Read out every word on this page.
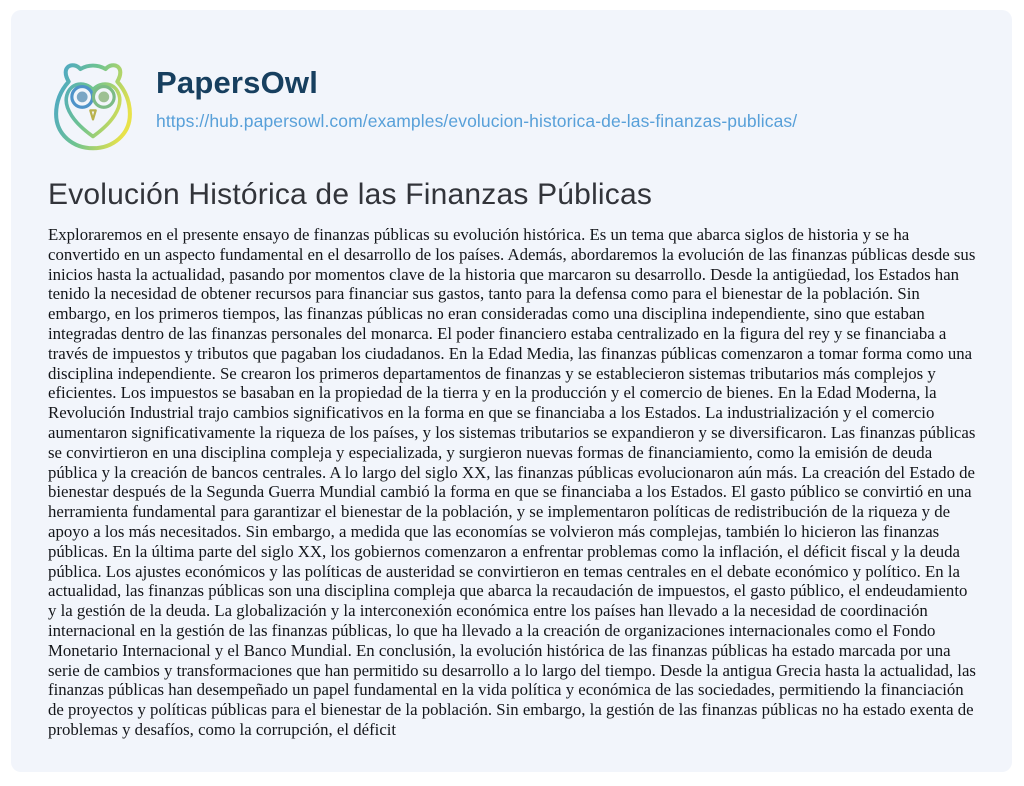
PapersOwl
https://hub.papersowl.com/examples/evolucion-historica-de-las-finanzas-publicas/
Evolución Histórica de las Finanzas Públicas

Exploraremos en el presente ensayo de finanzas públicas su evolución histórica. Es un tema que abarca siglos de historia y se ha convertido en un aspecto fundamental en el desarrollo de los países. Además, abordaremos la evolución de las finanzas públicas desde sus inicios hasta la actualidad, pasando por momentos clave de la historia que marcaron su desarrollo. Desde la antigüedad, los Estados han tenido la necesidad de obtener recursos para financiar sus gastos, tanto para la defensa como para el bienestar de la población. Sin embargo, en los primeros tiempos, las finanzas públicas no eran consideradas como una disciplina independiente, sino que estaban integradas dentro de las finanzas personales del monarca. El poder financiero estaba centralizado en la figura del rey y se financiaba a través de impuestos y tributos que pagaban los ciudadanos. En la Edad Media, las finanzas públicas comenzaron a tomar forma como una disciplina independiente. Se crearon los primeros departamentos de finanzas y se establecieron sistemas tributarios más complejos y eficientes. Los impuestos se basaban en la propiedad de la tierra y en la producción y el comercio de bienes. En la Edad Moderna, la Revolución Industrial trajo cambios significativos en la forma en que se financiaba a los Estados. La industrialización y el comercio aumentaron significativamente la riqueza de los países, y los sistemas tributarios se expandieron y se diversificaron. Las finanzas públicas se convirtieron en una disciplina compleja y especializada, y surgieron nuevas formas de financiamiento, como la emisión de deuda pública y la creación de bancos centrales. A lo largo del siglo XX, las finanzas públicas evolucionaron aún más. La creación del Estado de bienestar después de la Segunda Guerra Mundial cambió la forma en que se financiaba a los Estados. El gasto público se convirtió en una herramienta fundamental para garantizar el bienestar de la población, y se implementaron políticas de redistribución de la riqueza y de apoyo a los más necesitados. Sin embargo, a medida que las economías se volvieron más complejas, también lo hicieron las finanzas públicas. En la última parte del siglo XX, los gobiernos comenzaron a enfrentar problemas como la inflación, el déficit fiscal y la deuda pública. Los ajustes económicos y las políticas de austeridad se convirtieron en temas centrales en el debate económico y político. En la actualidad, las finanzas públicas son una disciplina compleja que abarca la recaudación de impuestos, el gasto público, el endeudamiento y la gestión de la deuda. La globalización y la interconexión económica entre los países han llevado a la necesidad de coordinación internacional en la gestión de las finanzas públicas, lo que ha llevado a la creación de organizaciones internacionales como el Fondo Monetario Internacional y el Banco Mundial. En conclusión, la evolución histórica de las finanzas públicas ha estado marcada por una serie de cambios y transformaciones que han permitido su desarrollo a lo largo del tiempo. Desde la antigua Grecia hasta la actualidad, las finanzas públicas han desempeñado un papel fundamental en la vida política y económica de las sociedades, permitiendo la financiación de proyectos y políticas públicas para el bienestar de la población. Sin embargo, la gestión de las finanzas públicas no ha estado exenta de problemas y desafíos, como la corrupción, el déficit
